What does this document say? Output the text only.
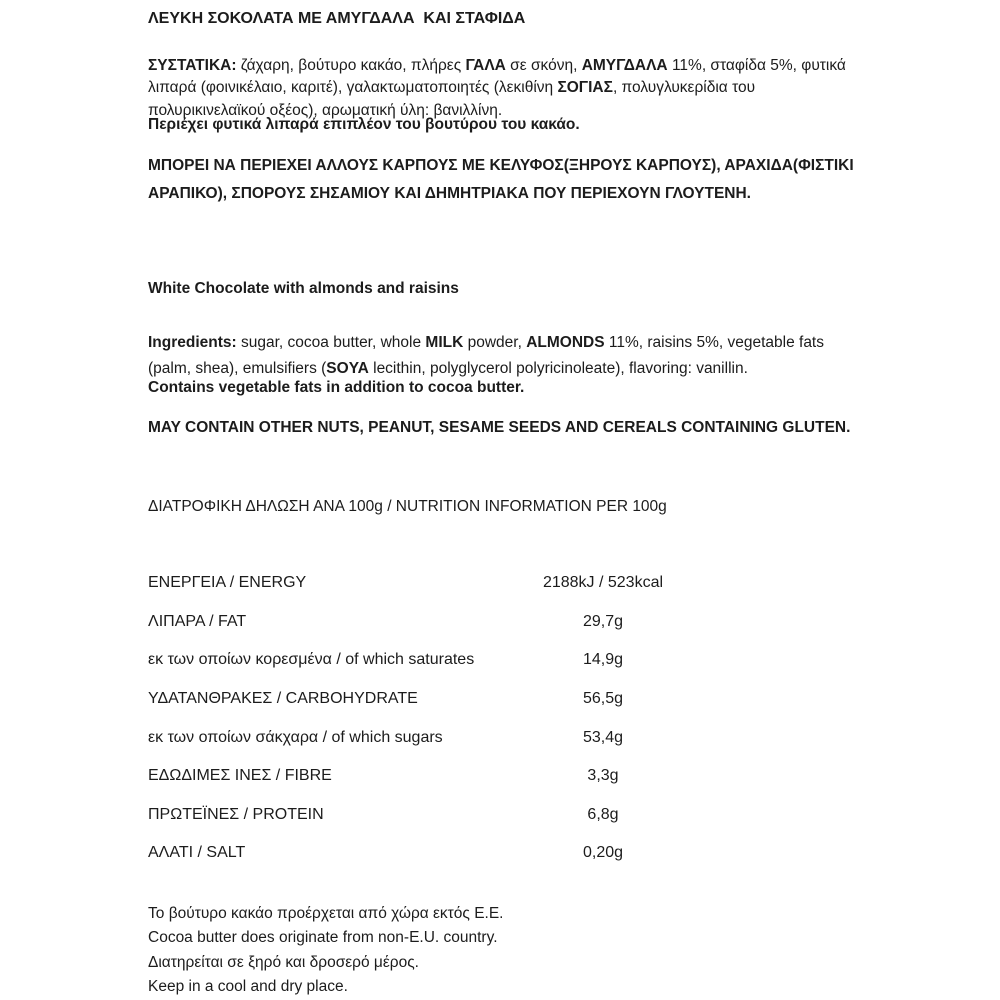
ΛΕΥΚΗ ΣΟΚΟΛΑΤΑ ΜΕ ΑΜΥΓΔΑΛΑ  ΚΑΙ ΣΤΑΦΙΔΑ

ΣΥΣΤΑΤΙΚΑ: ζάχαρη, βούτυρο κακάο, πλήρες ΓΑΛΑ σε σκόνη, ΑΜΥΓΔΑΛΑ 11%, σταφίδα 5%, φυτικά λιπαρά (φοινικέλαιο, καριτέ), γαλακτωματοποιητές (λεκιθίνη ΣΟΓΙΑΣ, πολυγλυκερίδια του πολυρικινελαϊκού οξέος), αρωματική ύλη: βανιλλίνη.

Περιέχει φυτικά λιπαρά επιπλέον του βουτύρου του κακάο.
ΜΠΟΡΕΙ ΝΑ ΠΕΡΙΕΧΕΙ ΑΛΛΟΥΣ ΚΑΡΠΟΥΣ ΜΕ ΚΕΛΥΦΟΣ(ΞΗΡΟΥΣ ΚΑΡΠΟΥΣ), ΑΡΑΧΙΔΑ(ΦΙΣΤΙΚΙ ΑΡΑΠΙΚΟ), ΣΠΟΡΟΥΣ ΣΗΣΑΜΙΟΥ ΚΑΙ ΔΗΜΗΤΡΙΑΚΑ ΠΟΥ ΠΕΡΙΕΧΟΥΝ ΓΛΟΥΤΕΝΗ.
White Chocolate with almonds and raisins

Ingredients: sugar, cocoa butter, whole MILK powder, ALMONDS 11%, raisins 5%, vegetable fats (palm, shea), emulsifiers (SOYA lecithin, polyglycerol polyricinoleate), flavoring: vanillin.

Contains vegetable fats in addition to cocoa butter.
MAY CONTAIN OTHER NUTS, PEANUT, SESAME SEEDS AND CEREALS CONTAINING GLUTEN.
ΔΙΑΤΡΟΦΙΚΗ ΔΗΛΩΣΗ ΑΝΑ 100g / NUTRITION INFORMATION PER 100g
ΕΝΕΡΓΕΙΑ / ENERGY	2188kJ / 523kcal
ΛΙΠΑΡΑ / FAT	29,7g
εκ των οποίων κορεσμένα / of which saturates	14,9g
ΥΔΑΤΑΝΘΡΑΚΕΣ / CARBOHYDRATE	56,5g
εκ των οποίων σάκχαρα / of which sugars	53,4g
ΕΔΩΔΙΜΕΣ ΙΝΕΣ / FIBRE	3,3g
ΠΡΩΤΕΪΝΕΣ / PROTEIN	6,8g
ΑΛΑΤΙ / SALT	0,20g
Το βούτυρο κακάο προέρχεται από χώρα εκτός Ε.Ε.
Cocoa butter does originate from non-E.U. country.
Διατηρείται σε ξηρό και δροσερό μέρος.
Keep in a cool and dry place.
